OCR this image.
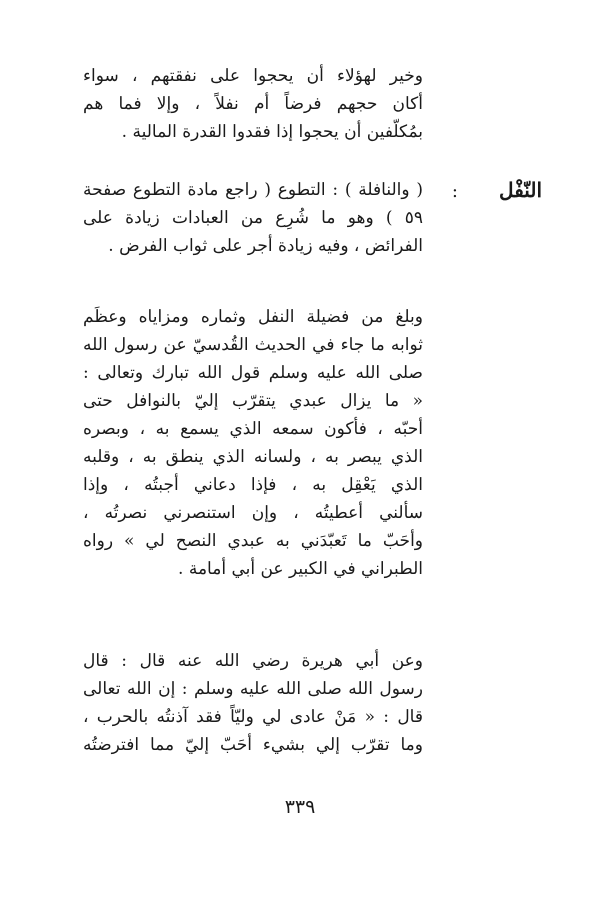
وخير لهؤلاء أن يحجوا على نفقتهم ، سواء
أكان حجهم فرضاً أم نفلاً ، وإلا فما هم
بمُكلّفين أن يحجوا إذا فقدوا القدرة المالية .
النّفْل
:
( والنافلة ) : التطوع ( راجع مادة التطوع صفحة
٥٩ ) وهو ما شُرِع من العبادات زيادة على
الفرائض ، وفيه زيادة أجر على ثواب الفرض .
وبلغ من فضيلة النفل وثماره ومزاياه وعظَم
ثوابه ما جاء في الحديث القُدسيّ عن رسول الله
صلى الله عليه وسلم قول الله تبارك وتعالى :
« ما يزال عبدي يتقرّب إليّ بالنوافل حتى
أحبّه ، فأكون سمعه الذي يسمع به ، وبصره
الذي يبصر به ، ولسانه الذي ينطق به ، وقلبه
الذي يَعْقِل به ، فإذا دعاني أجبتُه ، وإذا
سألني أعطيتُه ، وإن استنصرني نصرتُه ،
وأحَبّ ما تَعبّدَني به عبدي النصح لي » رواه
الطبراني في الكبير عن أبي أمامة .
وعن أبي هريرة رضي الله عنه قال : قال
رسول الله صلى الله عليه وسلم : إن الله تعالى
قال : « مَنْ عادى لي وليّاً فقد آذنتُه بالحرب ،
وما تقرّب إلي بشيء أحَبّ إليّ مما افترضتُه
٣٣٩
